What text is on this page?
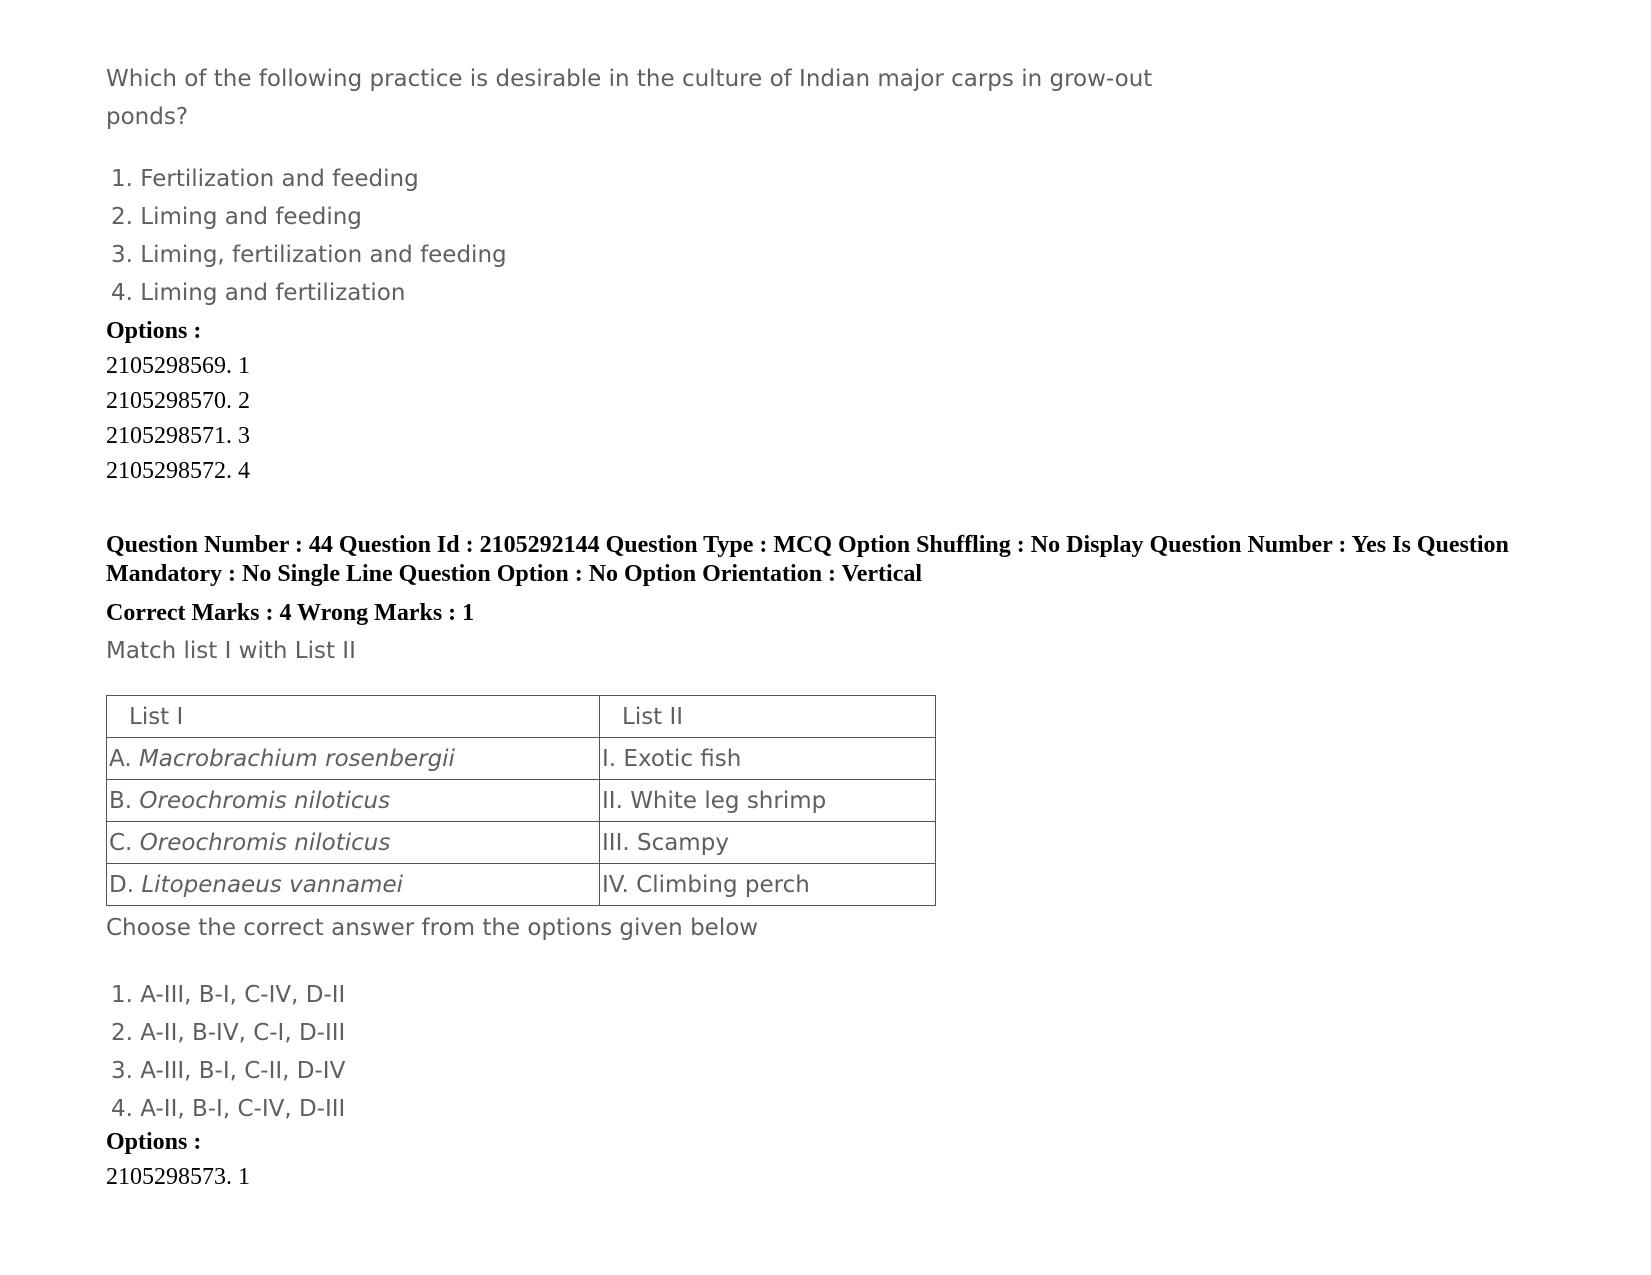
Which of the following practice is desirable in the culture of Indian major carps in grow-out ponds?

1. Fertilization and feeding
2. Liming and feeding
3. Liming, fertilization and feeding
4. Liming and fertilization
Options :
2105298569. 1
2105298570. 2
2105298571. 3
2105298572. 4
Question Number : 44 Question Id : 2105292144 Question Type : MCQ Option Shuffling : No Display Question Number : Yes Is Question Mandatory : No Single Line Question Option : No Option Orientation : Vertical
Correct Marks : 4 Wrong Marks : 1
Match list I with List II
List I	List II
A. Macrobrachium rosenbergii	I. Exotic fish
B. Oreochromis niloticus	II. White leg shrimp
C. Oreochromis niloticus	III. Scampy
D. Litopenaeus vannamei	IV. Climbing perch
Choose the correct answer from the options given below
1. A-III, B-I, C-IV, D-II
2. A-II, B-IV, C-I, D-III
3. A-III, B-I, C-II, D-IV
4. A-II, B-I, C-IV, D-III
Options :
2105298573. 1
